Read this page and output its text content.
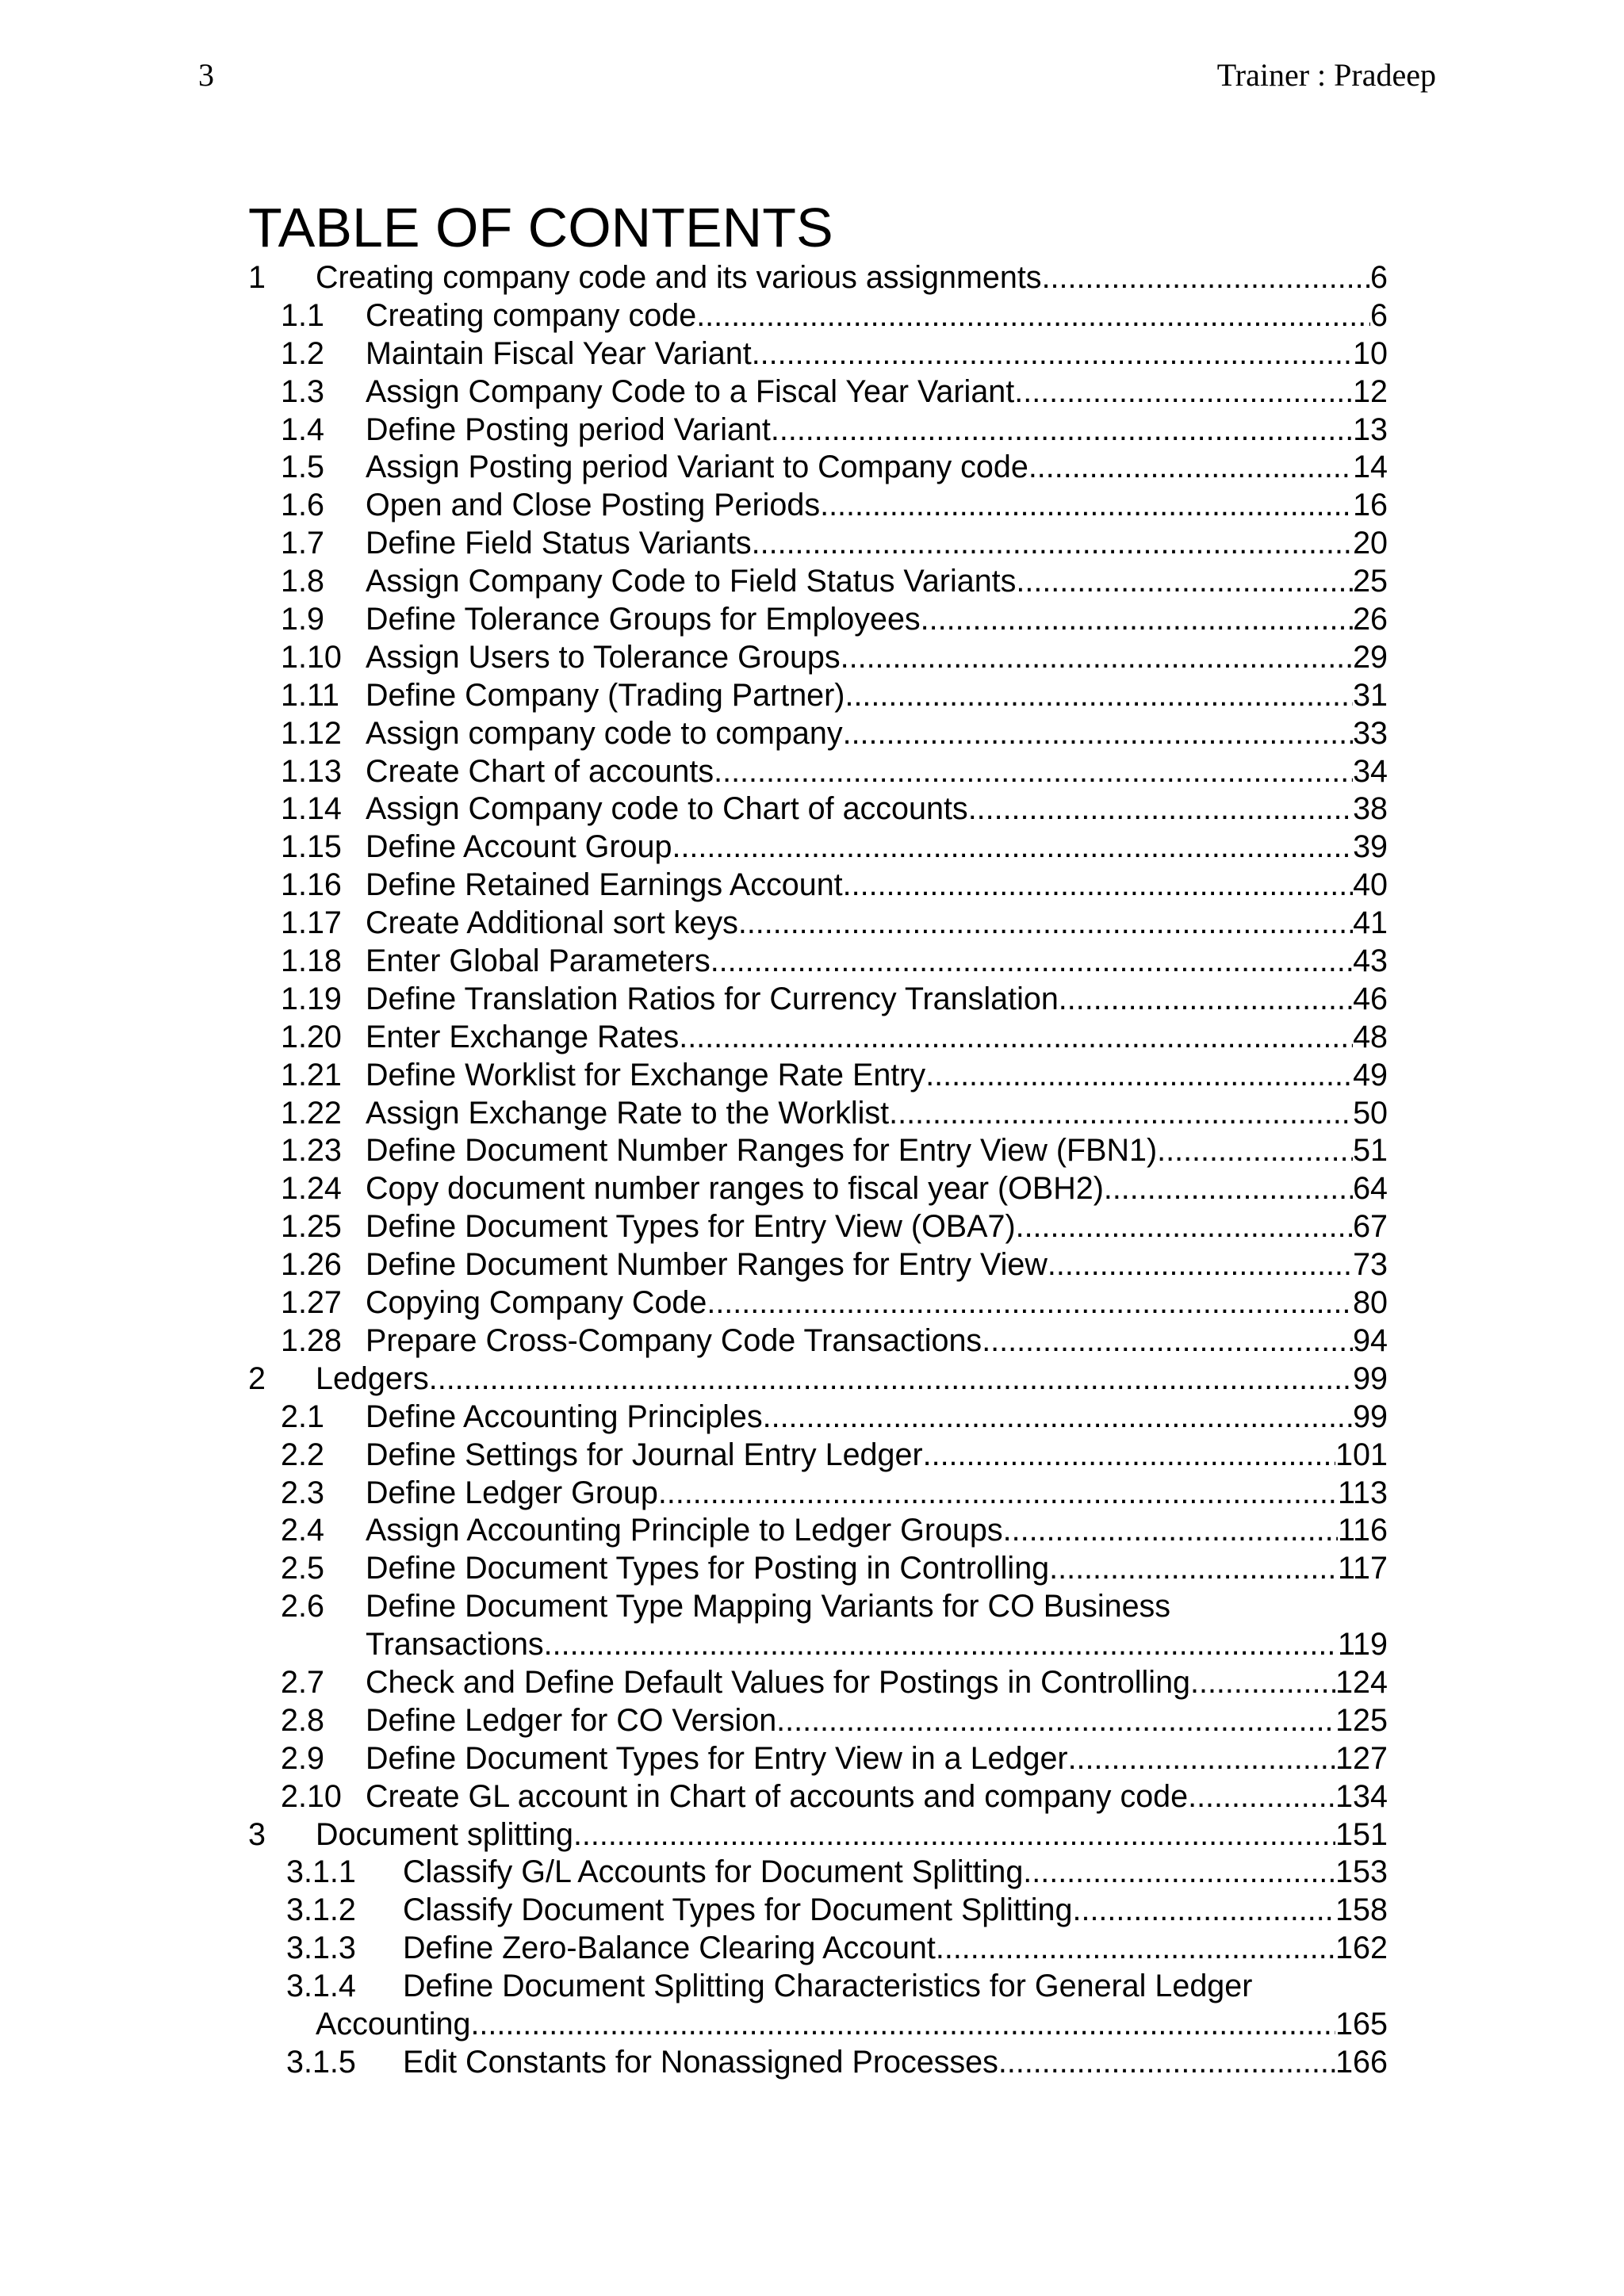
3	Trainer : Pradeep
TABLE OF CONTENTS
1 Creating company code and its various assignments .....	6
1.1 Creating company code .....	6
1.2 Maintain Fiscal Year Variant .....	10
1.3 Assign Company Code to a Fiscal Year Variant .....	12
1.4 Define Posting period Variant .....	13
1.5 Assign Posting period Variant to Company code .....	14
1.6 Open and Close Posting Periods .....	16
1.7 Define Field Status Variants .....	20
1.8 Assign Company Code to Field Status Variants .....	25
1.9 Define Tolerance Groups for Employees .....	26
1.10 Assign Users to Tolerance Groups .....	29
1.11 Define Company (Trading Partner) .....	31
1.12 Assign company code to company .....	33
1.13 Create Chart of accounts .....	34
1.14 Assign Company code to Chart of accounts .....	38
1.15 Define Account Group .....	39
1.16 Define Retained Earnings Account .....	40
1.17 Create Additional sort keys .....	41
1.18 Enter Global Parameters .....	43
1.19 Define Translation Ratios for Currency Translation .....	46
1.20 Enter Exchange Rates .....	48
1.21 Define Worklist for Exchange Rate Entry .....	49
1.22 Assign Exchange Rate to the Worklist .....	50
1.23 Define Document Number Ranges for Entry View (FBN1) .....	51
1.24 Copy document number ranges to fiscal year (OBH2) .....	64
1.25 Define Document Types for Entry View (OBA7) .....	67
1.26 Define Document Number Ranges for Entry View .....	73
1.27 Copying Company Code .....	80
1.28 Prepare Cross-Company Code Transactions .....	94
2 Ledgers .....	99
2.1 Define Accounting Principles .....	99
2.2 Define Settings for Journal Entry Ledger .....	101
2.3 Define Ledger Group .....	113
2.4 Assign Accounting Principle to Ledger Groups .....	116
2.5 Define Document Types for Posting in Controlling .....	117
2.6 Define Document Type Mapping Variants for CO Business
Transactions .....	119
2.7 Check and Define Default Values for Postings in Controlling .....	124
2.8 Define Ledger for CO Version .....	125
2.9 Define Document Types for Entry View in a Ledger .....	127
2.10 Create GL account in Chart of accounts and company code .....	134
3 Document splitting .....	151
3.1.1 Classify G/L Accounts for Document Splitting .....	153
3.1.2 Classify Document Types for Document Splitting .....	158
3.1.3 Define Zero-Balance Clearing Account .....	162
3.1.4 Define Document Splitting Characteristics for General Ledger
Accounting .....	165
3.1.5 Edit Constants for Nonassigned Processes .....	166
